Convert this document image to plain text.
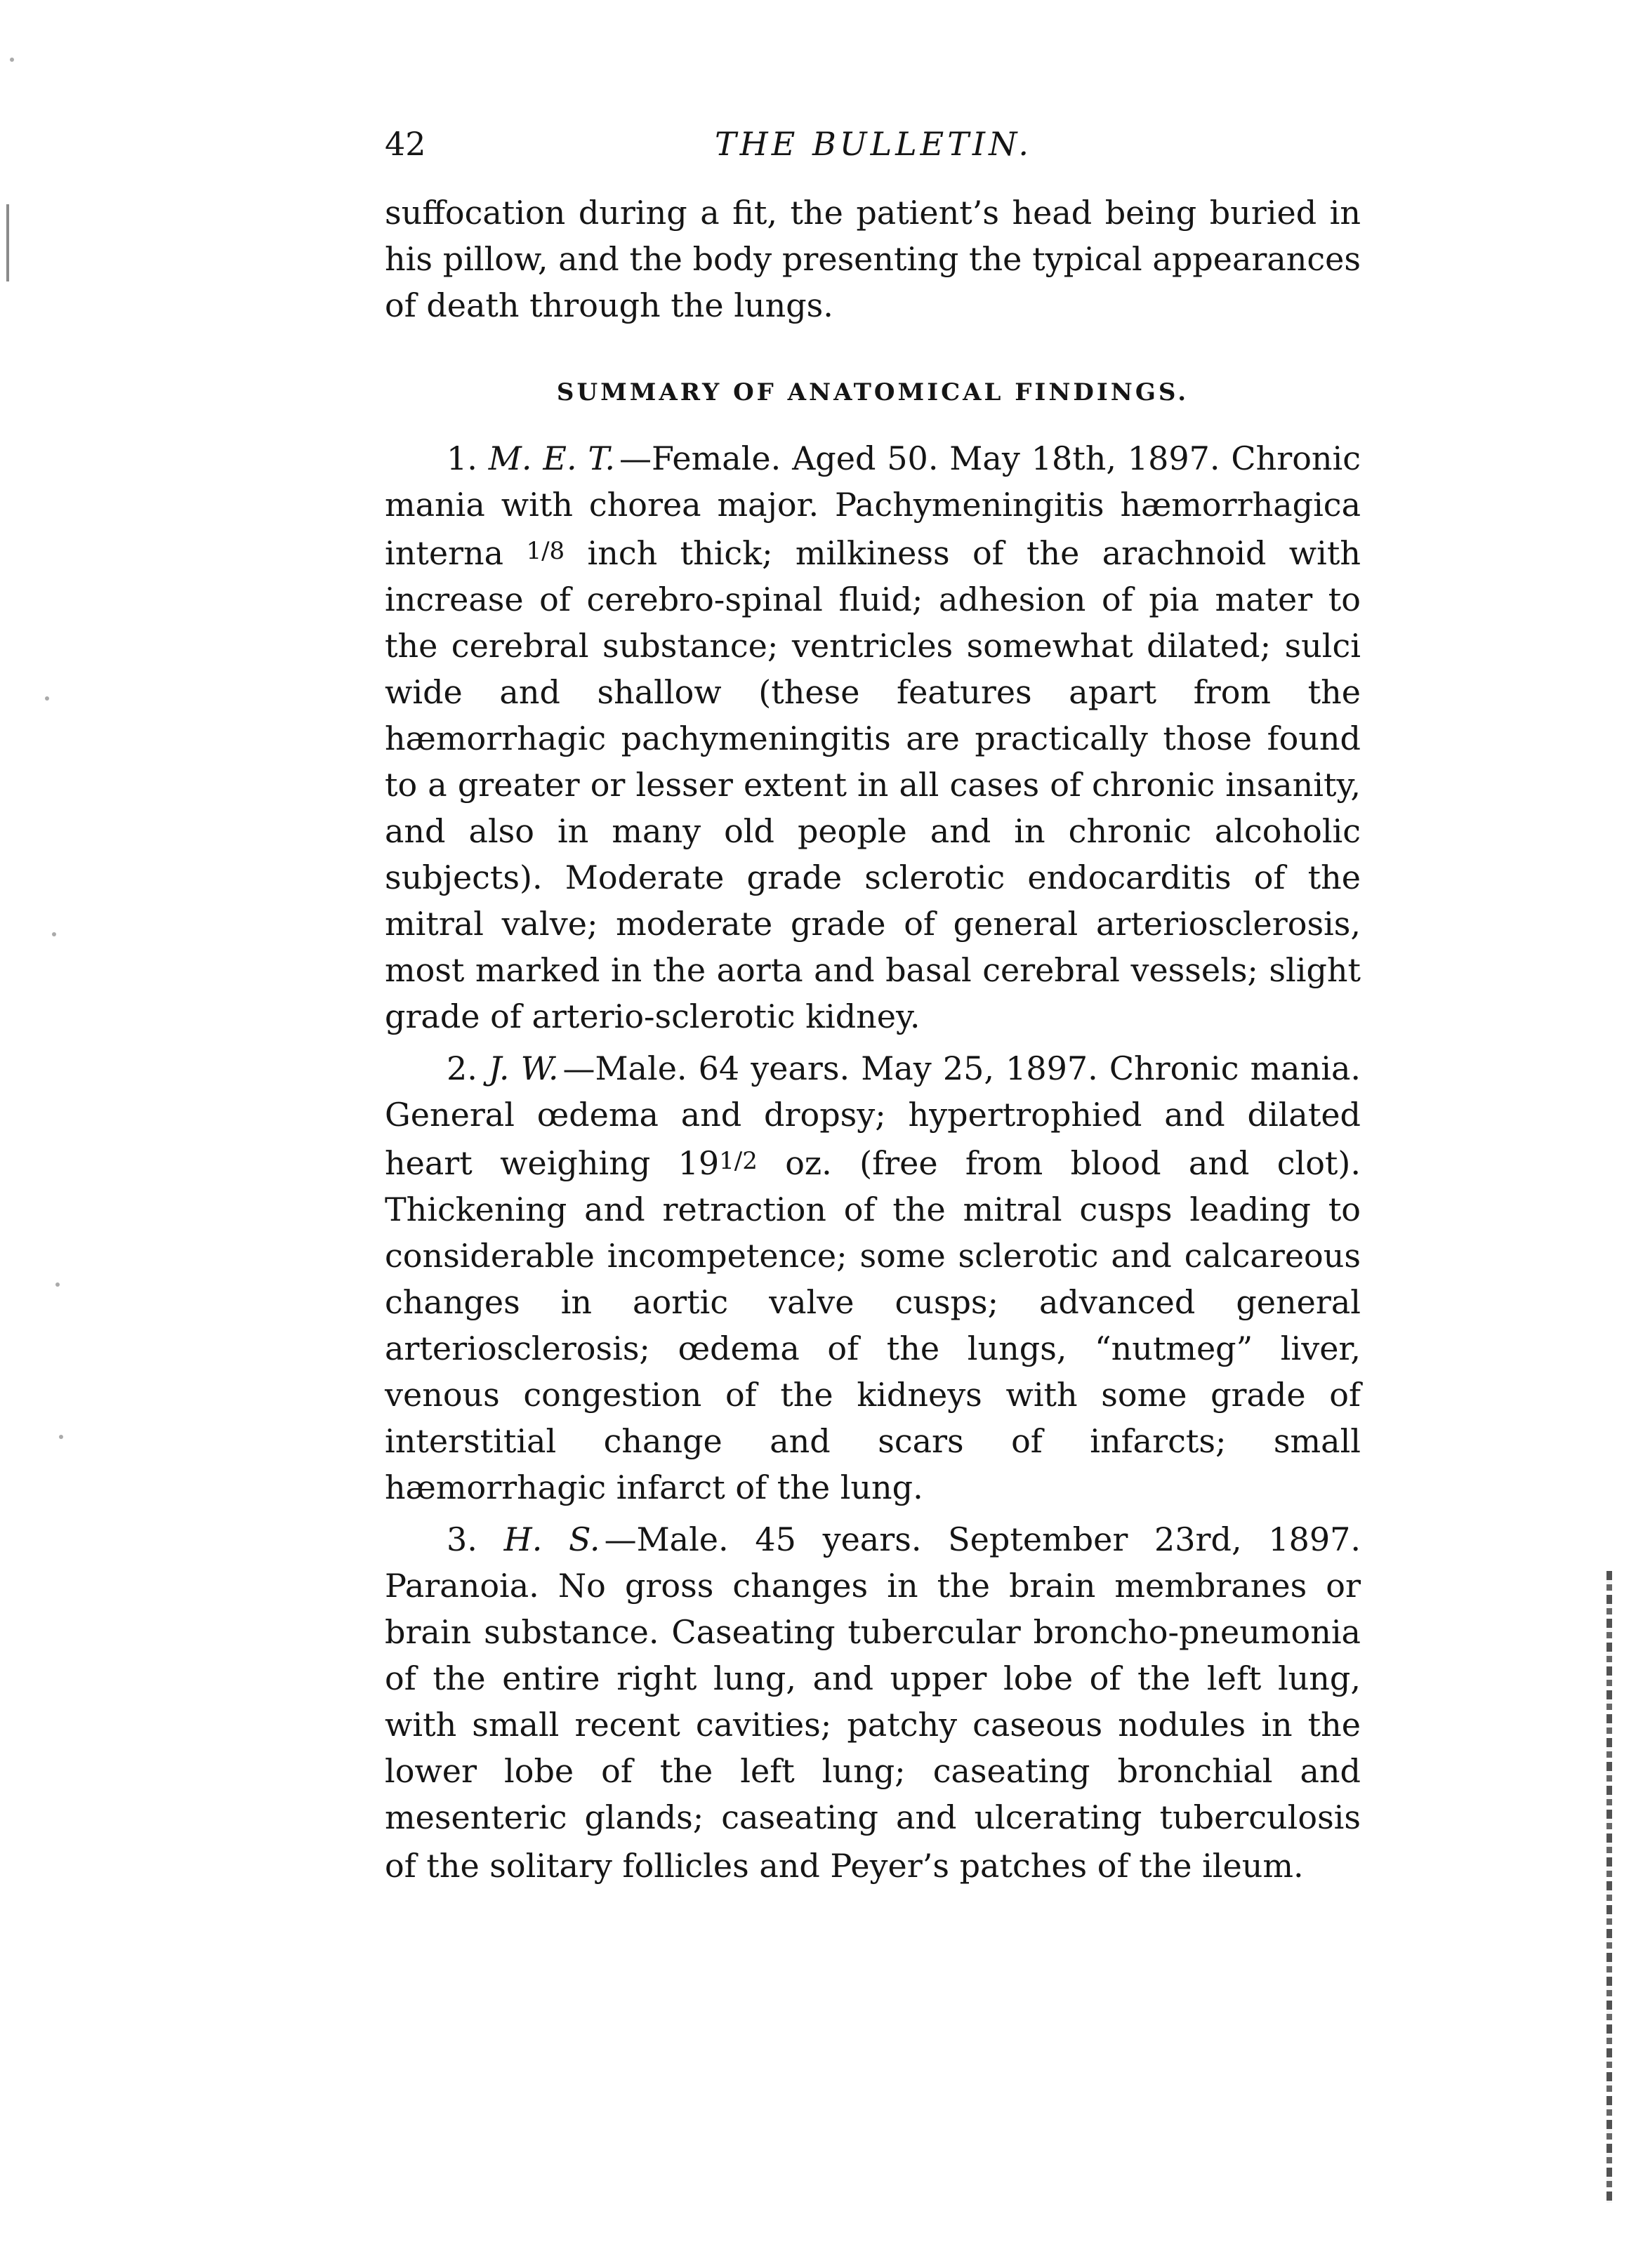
42	THE BULLETIN.

suffocation during a fit, the patient’s head being buried in his pillow, and the body presenting the typical appearances of death through the lungs.

SUMMARY OF ANATOMICAL FINDINGS.

1. M. E. T. —Female. Aged 50. May 18th, 1897. Chronic mania with chorea major. Pachymeningitis hæmorrhagica interna 1/8 inch thick; milkiness of the arachnoid with increase of cerebro-spinal fluid; adhesion of pia mater to the cerebral substance; ventricles somewhat dilated; sulci wide and shallow (these features apart from the hæmorrhagic pachymeningitis are practically those found to a greater or lesser extent in all cases of chronic insanity, and also in many old people and in chronic alcoholic subjects). Moderate grade sclerotic endocarditis of the mitral valve; moderate grade of general arteriosclerosis, most marked in the aorta and basal cerebral vessels; slight grade of arterio-sclerotic kidney.

2. J. W. —Male. 64 years. May 25, 1897. Chronic mania. General œdema and dropsy; hypertrophied and dilated heart weighing 191/2 oz. (free from blood and clot). Thickening and retraction of the mitral cusps leading to considerable incompetence; some sclerotic and calcareous changes in aortic valve cusps; advanced general arteriosclerosis; œdema of the lungs, “nutmeg” liver, venous congestion of the kidneys with some grade of interstitial change and scars of infarcts; small hæmorrhagic infarct of the lung.

3. H. S. —Male. 45 years. September 23rd, 1897. Paranoia. No gross changes in the brain membranes or brain substance. Caseating tubercular broncho-pneumonia of the entire right lung, and upper lobe of the left lung, with small recent cavities; patchy caseous nodules in the lower lobe of the left lung; caseating bronchial and mesenteric glands; caseating and ulcerating tuberculosis of the solitary follicles and Peyer’s patches of the ileum.
